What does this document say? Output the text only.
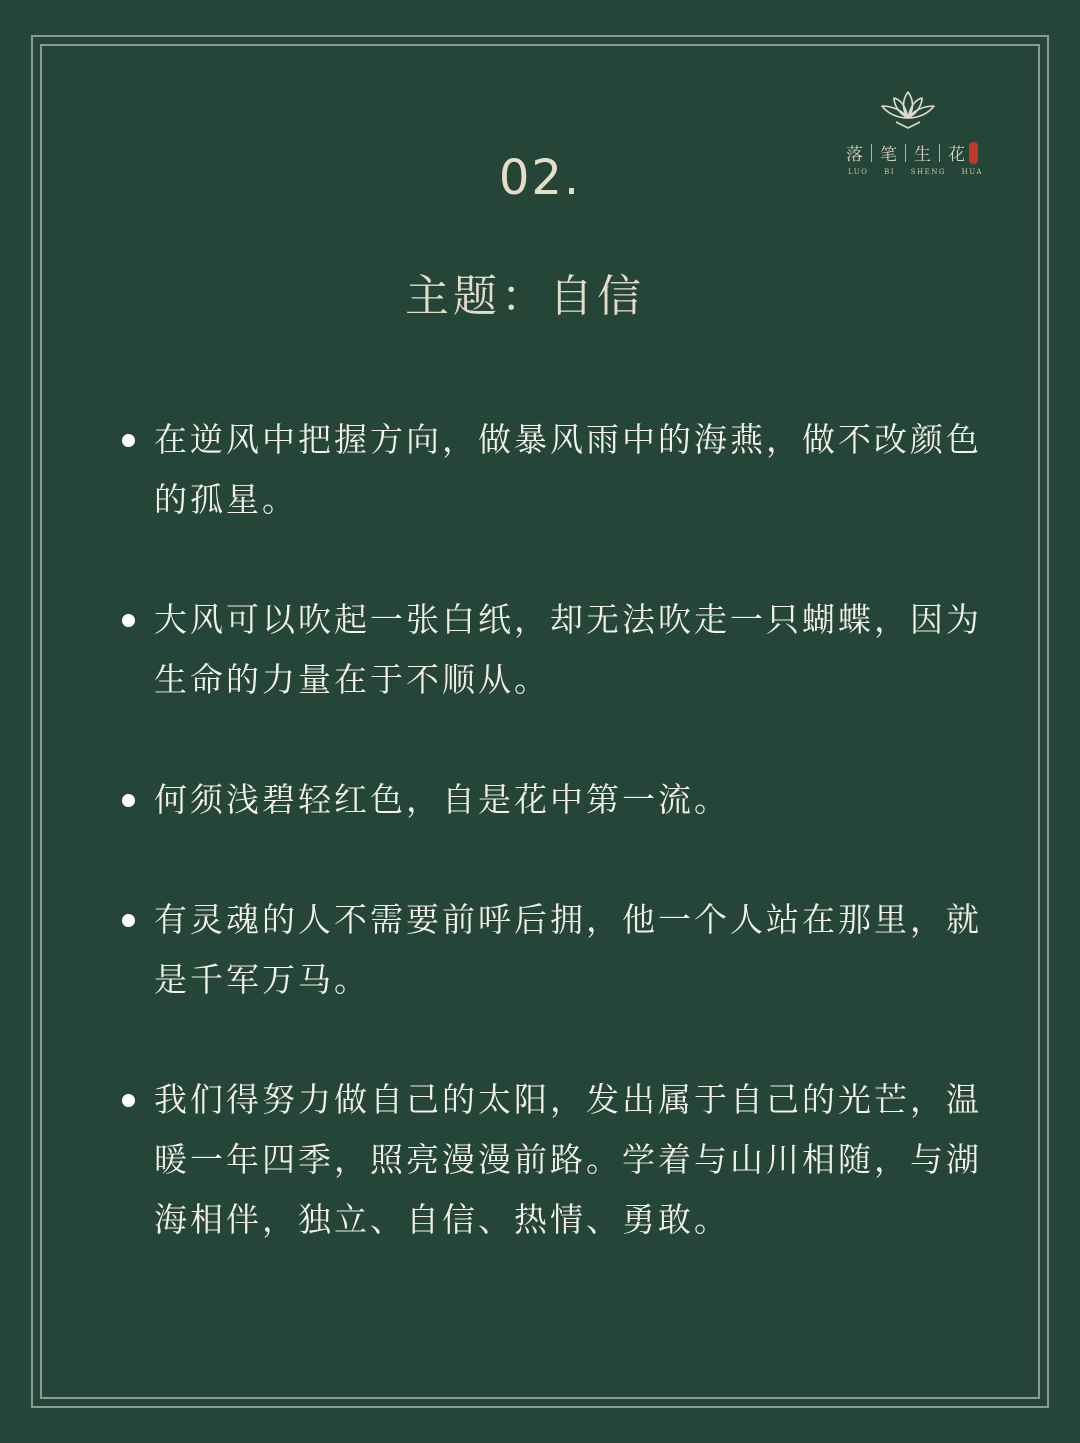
落 笔 生 花
LUO BI SHENG HUA
02.
主题：自信
在逆风中把握方向，做暴风雨中的海燕，做不改颜色的孤星。
大风可以吹起一张白纸，却无法吹走一只蝴蝶，因为生命的力量在于不顺从。
何须浅碧轻红色，自是花中第一流。
有灵魂的人不需要前呼后拥，他一个人站在那里，就是千军万马。
我们得努力做自己的太阳，发出属于自己的光芒，温暖一年四季，照亮漫漫前路。学着与山川相随，与湖海相伴，独立、自信、热情、勇敢。
